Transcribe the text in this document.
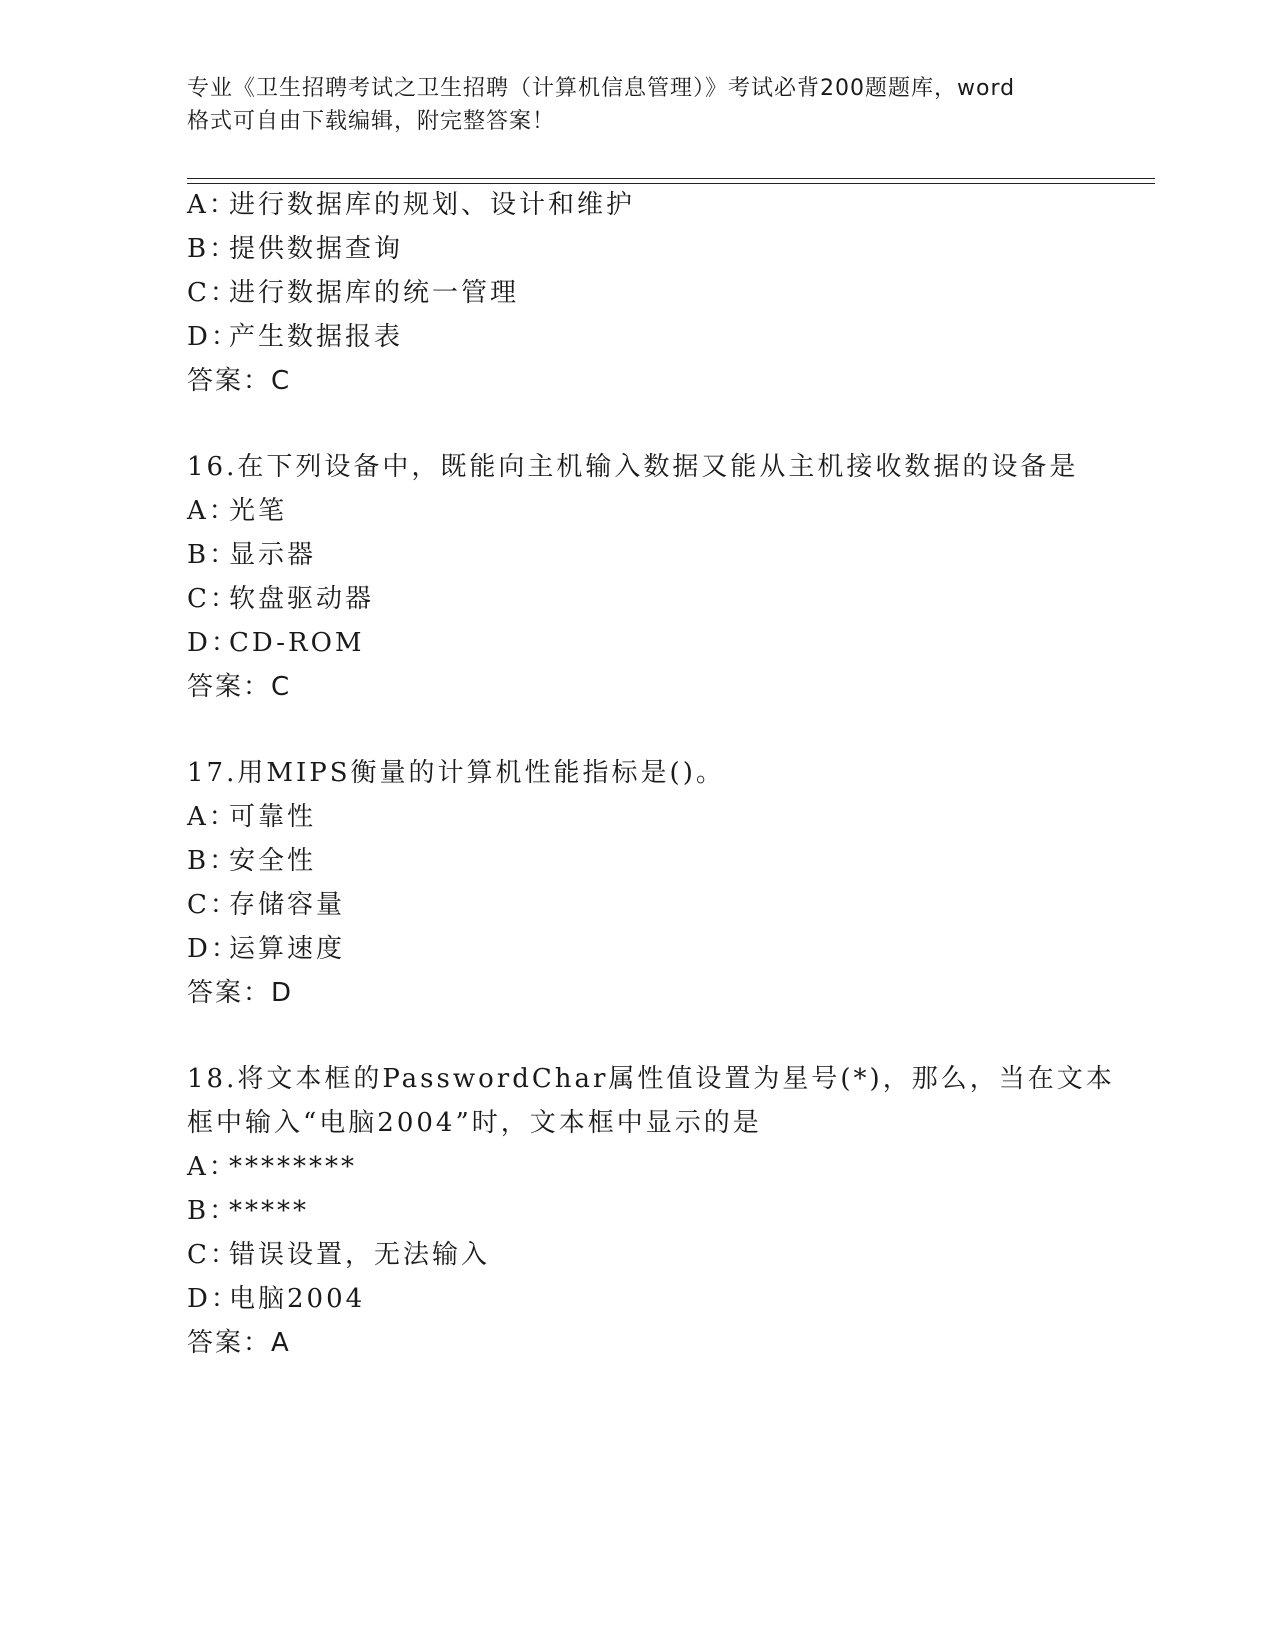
专业《卫生招聘考试之卫生招聘（计算机信息管理）》考试必背200题题库，word
格式可自由下载编辑，附完整答案！
A：进行数据库的规划、设计和维护
B：提供数据查询
C：进行数据库的统一管理
D：产生数据报表
答案：C
16.在下列设备中，既能向主机输入数据又能从主机接收数据的设备是
A：光笔
B：显示器
C：软盘驱动器
D：CD-ROM
答案：C
17.用MIPS衡量的计算机性能指标是()。
A：可靠性
B：安全性
C：存储容量
D：运算速度
答案：D
18.将文本框的PasswordChar属性值设置为星号(*)，那么，当在文本
框中输入“电脑2004”时，文本框中显示的是
A：********
B：*****
C：错误设置，无法输入
D：电脑2004
答案：A
